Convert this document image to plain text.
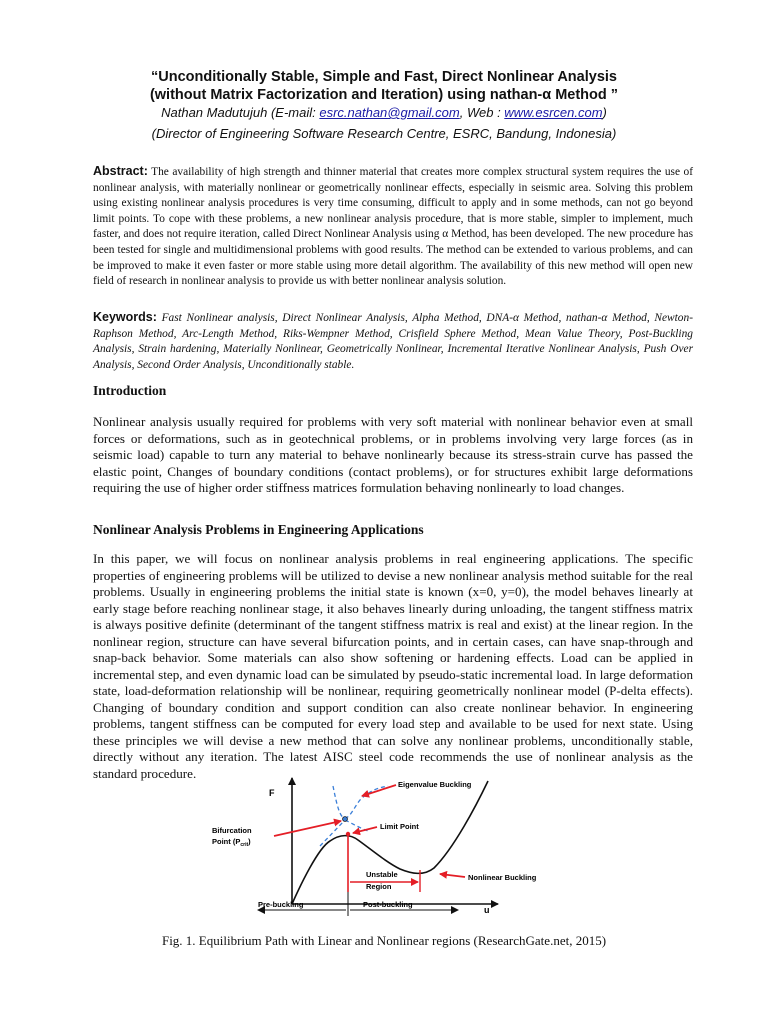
“Unconditionally Stable, Simple and Fast, Direct Nonlinear Analysis
(without Matrix Factorization and Iteration) using nathan-α Method ”
Nathan Madutujuh (E-mail: esrc.nathan@gmail.com, Web : www.esrcen.com)
(Director of Engineering Software Research Centre, ESRC, Bandung, Indonesia)
Abstract: The availability of high strength and thinner material that creates more complex structural system requires the use of nonlinear analysis, with materially nonlinear or geometrically nonlinear effects, especially in seismic area. Solving this problem using existing nonlinear analysis procedures is very time consuming, difficult to apply and in some methods, can not go beyond limit points. To cope with these problems, a new nonlinear analysis procedure, that is more stable, simpler to implement, much faster, and does not require iteration, called Direct Nonlinear Analysis using α Method, has been developed. The new procedure has been tested for single and multidimensional problems with good results. The method can be extended to various problems, and can be improved to make it even faster or more stable using more detail algorithm. The availability of this new method will open new field of research in nonlinear analysis to provide us with better nonlinear analysis solution.
Keywords: Fast Nonlinear analysis, Direct Nonlinear Analysis, Alpha Method, DNA-α Method, nathan-α Method, Newton-Raphson Method, Arc-Length Method, Riks-Wempner Method, Crisfield Sphere Method, Mean Value Theory, Post-Buckling Analysis, Strain hardening, Materially Nonlinear, Geometrically Nonlinear, Incremental Iterative Nonlinear Analysis, Push Over Analysis, Second Order Analysis, Unconditionally stable.
Introduction
Nonlinear analysis usually required for problems with very soft material with nonlinear behavior even at small forces or deformations, such as in geotechnical problems, or in problems involving very large forces (as in seismic load) capable to turn any material to behave nonlinearly because its stress-strain curve has passed the elastic point, Changes of boundary conditions (contact problems), or for structures exhibit large deformations requiring the use of higher order stiffness matrices formulation behaving nonlinearly to load changes.
Nonlinear Analysis Problems in Engineering Applications
In this paper, we will focus on nonlinear analysis problems in real engineering applications. The specific properties of engineering problems will be utilized to devise a new nonlinear analysis method suitable for the real problems. Usually in engineering problems the initial state is known (x=0, y=0), the model behaves linearly at early stage before reaching nonlinear stage, it also behaves linearly during unloading, the tangent stiffness matrix is always positive definite (determinant of the tangent stiffness matrix is real and exist) at the linear region. In the nonlinear region, structure can have several bifurcation points, and in certain cases, can have snap-through and snap-back behavior. Some materials can also show softening or hardening effects. Load can be applied in incremental step, and even dynamic load can be simulated by pseudo-static incremental load. In large deformation state, load-deformation relationship will be nonlinear, requiring geometrically nonlinear model (P-delta effects). Changing of boundary condition and support condition can also create nonlinear behavior. In engineering problems, tangent stiffness can be computed for every load step and available to be used for next state. Using these principles we will devise a new method that can solve any nonlinear problems, unconditionally stable, directly without any iteration. The latest AISC steel code recommends the use of nonlinear analysis as the standard procedure.
F
u
Eigenvalue Buckling
Bifurcation
Point $(P_{crit})$
Limit Point
Nonlinear Buckling
Unstable
Region
Pre-buckling	Post-buckling
Fig. 1. Equilibrium Path with Linear and Nonlinear regions (ResearchGate.net, 2015)
